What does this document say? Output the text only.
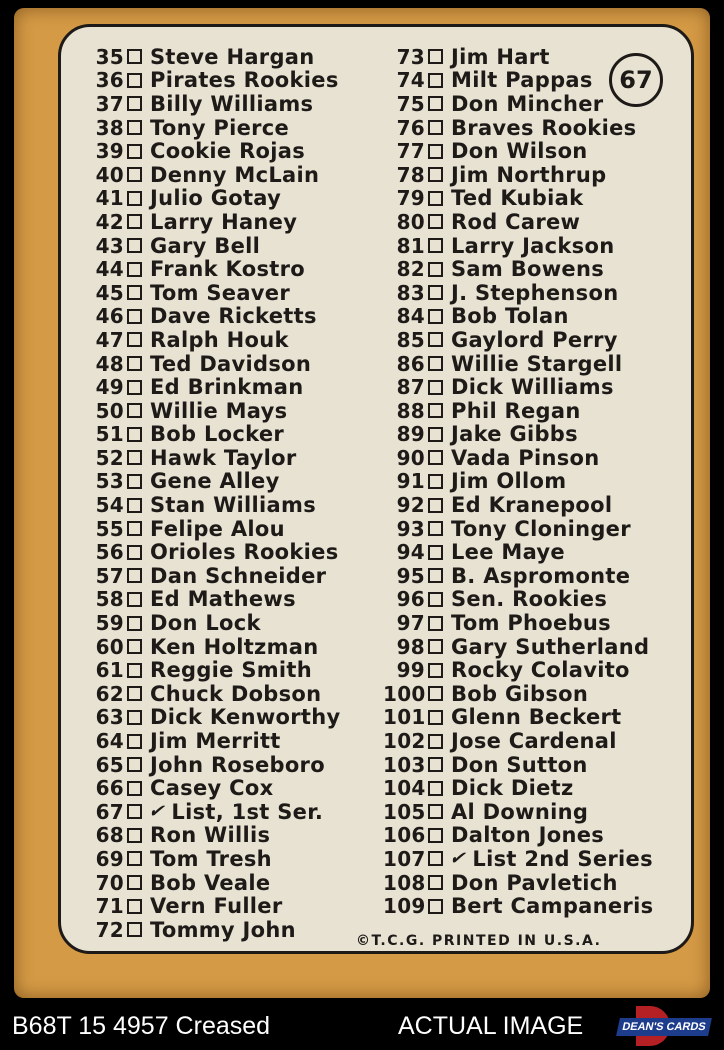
35 Steve Hargan
36 Pirates Rookies
37 Billy Williams
38 Tony Pierce
39 Cookie Rojas
40 Denny McLain
41 Julio Gotay
42 Larry Haney
43 Gary Bell
44 Frank Kostro
45 Tom Seaver
46 Dave Ricketts
47 Ralph Houk
48 Ted Davidson
49 Ed Brinkman
50 Willie Mays
51 Bob Locker
52 Hawk Taylor
53 Gene Alley
54 Stan Williams
55 Felipe Alou
56 Orioles Rookies
57 Dan Schneider
58 Ed Mathews
59 Don Lock
60 Ken Holtzman
61 Reggie Smith
62 Chuck Dobson
63 Dick Kenworthy
64 Jim Merritt
65 John Roseboro
66 Casey Cox
67 ✔ List, 1st Ser.
68 Ron Willis
69 Tom Tresh
70 Bob Veale
71 Vern Fuller
72 Tommy John
73 Jim Hart
74 Milt Pappas
75 Don Mincher
76 Braves Rookies
77 Don Wilson
78 Jim Northrup
79 Ted Kubiak
80 Rod Carew
81 Larry Jackson
82 Sam Bowens
83 J. Stephenson
84 Bob Tolan
85 Gaylord Perry
86 Willie Stargell
87 Dick Williams
88 Phil Regan
89 Jake Gibbs
90 Vada Pinson
91 Jim Ollom
92 Ed Kranepool
93 Tony Cloninger
94 Lee Maye
95 B. Aspromonte
96 Sen. Rookies
97 Tom Phoebus
98 Gary Sutherland
99 Rocky Colavito
100 Bob Gibson
101 Glenn Beckert
102 Jose Cardenal
103 Don Sutton
104 Dick Dietz
105 Al Downing
106 Dalton Jones
107 ✔ List 2nd Series
108 Don Pavletich
109 Bert Campaneris
67
©T.C.G. PRINTED IN U.S.A.
B68T 15 4957 Creased	ACTUAL IMAGE	DEAN'S CARDS
